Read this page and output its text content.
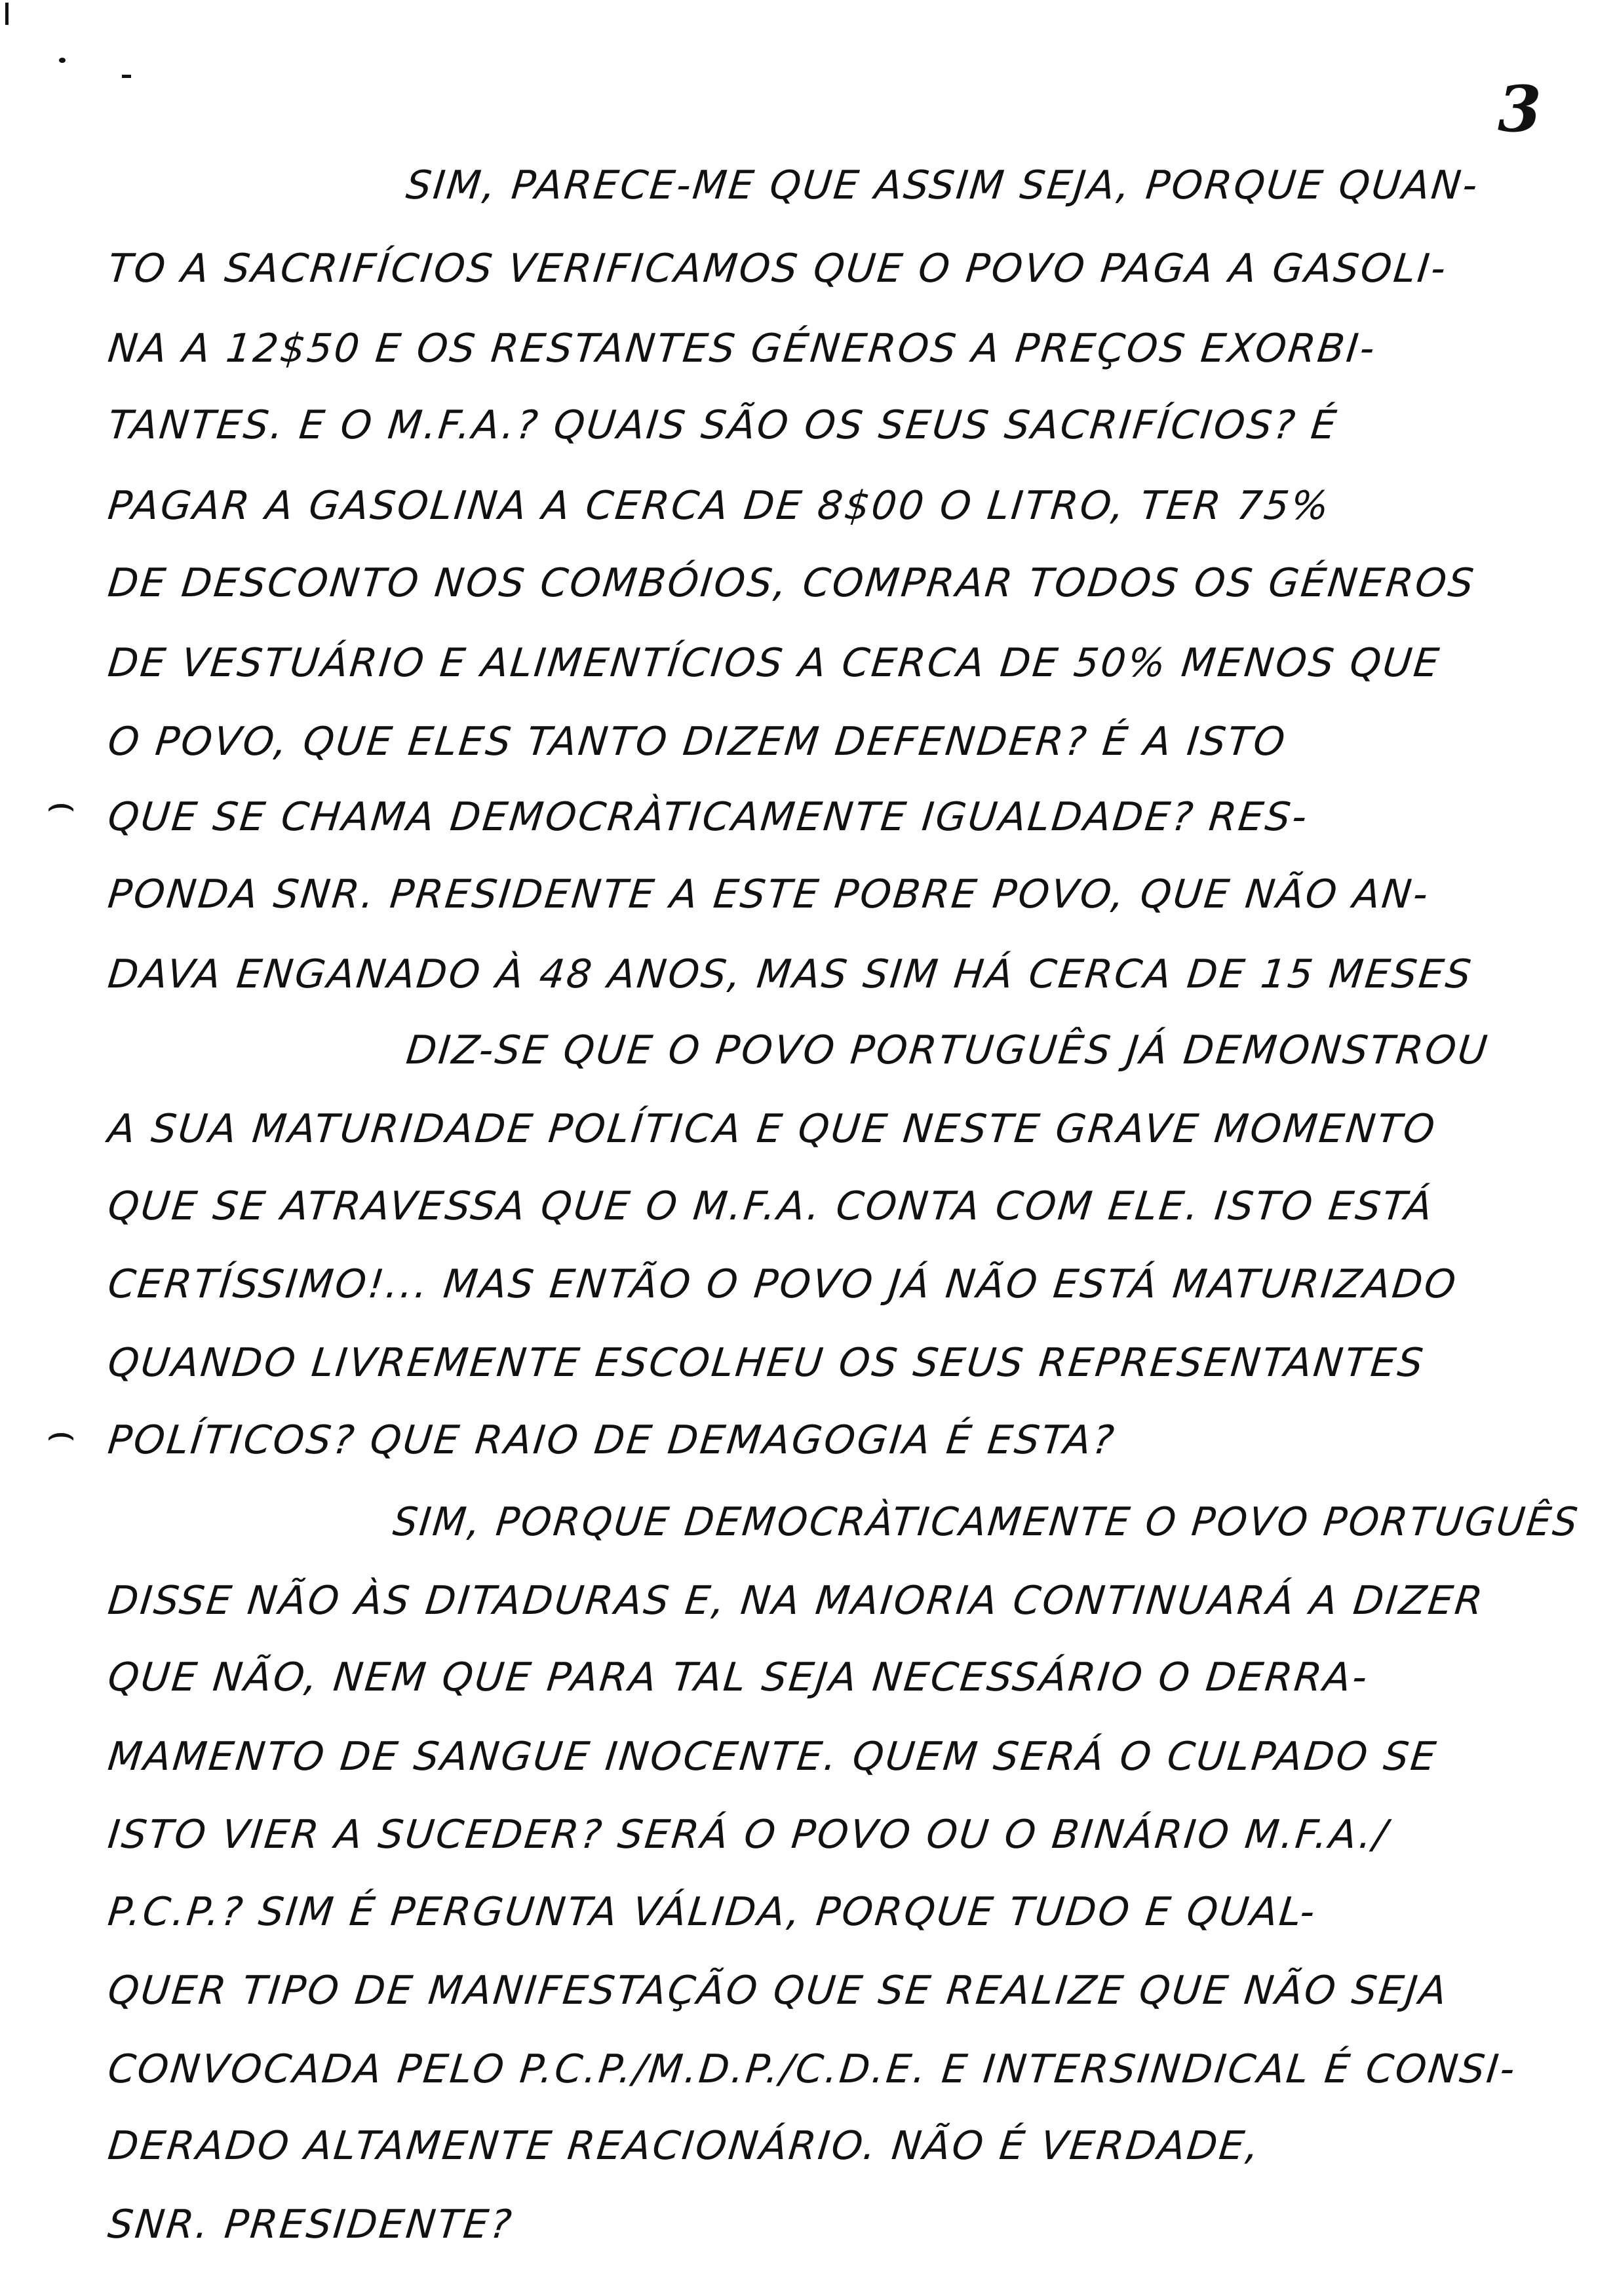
3
SIM, PARECE-ME QUE ASSIM SEJA, PORQUE QUAN-
TO A SACRIFÍCIOS VERIFICAMOS QUE O POVO PAGA A GASOLI-
NA A 12$50 E OS RESTANTES GÉNEROS A PREÇOS EXORBI-
TANTES. E O M.F.A.? QUAIS SÃO OS SEUS SACRIFÍCIOS? É
PAGAR A GASOLINA A CERCA DE 8$00 O LITRO, TER 75%
DE DESCONTO NOS COMBÓIOS, COMPRAR TODOS OS GÉNEROS
DE VESTUÁRIO E ALIMENTÍCIOS A CERCA DE 50% MENOS QUE
O POVO, QUE ELES TANTO DIZEM DEFENDER? É A ISTO
⌢ QUE SE CHAMA DEMOCRÀTICAMENTE IGUALDADE? RES-
PONDA SNR. PRESIDENTE A ESTE POBRE POVO, QUE NÃO AN-
DAVA ENGANADO À 48 ANOS, MAS SIM HÁ CERCA DE 15 MESES
DIZ-SE QUE O POVO PORTUGUÊS JÁ DEMONSTROU
A SUA MATURIDADE POLÍTICA E QUE NESTE GRAVE MOMENTO
QUE SE ATRAVESSA QUE O M.F.A. CONTA COM ELE. ISTO ESTÁ
CERTÍSSIMO!... MAS ENTÃO O POVO JÁ NÃO ESTÁ MATURIZADO
QUANDO LIVREMENTE ESCOLHEU OS SEUS REPRESENTANTES
⌢ POLÍTICOS? QUE RAIO DE DEMAGOGIA É ESTA?
SIM, PORQUE DEMOCRÀTICAMENTE O POVO PORTUGUÊS
DISSE NÃO ÀS DITADURAS E, NA MAIORIA CONTINUARÁ A DIZER
QUE NÃO, NEM QUE PARA TAL SEJA NECESSÁRIO O DERRA-
MAMENTO DE SANGUE INOCENTE. QUEM SERÁ O CULPADO SE
ISTO VIER A SUCEDER? SERÁ O POVO OU O BINÁRIO M.F.A./
P.C.P.? SIM É PERGUNTA VÁLIDA, PORQUE TUDO E QUAL-
QUER TIPO DE MANIFESTAÇÃO QUE SE REALIZE QUE NÃO SEJA
CONVOCADA PELO P.C.P./M.D.P./C.D.E. E INTERSINDICAL É CONSI-
DERADO ALTAMENTE REACIONÁRIO. NÃO É VERDADE,
SNR. PRESIDENTE?
